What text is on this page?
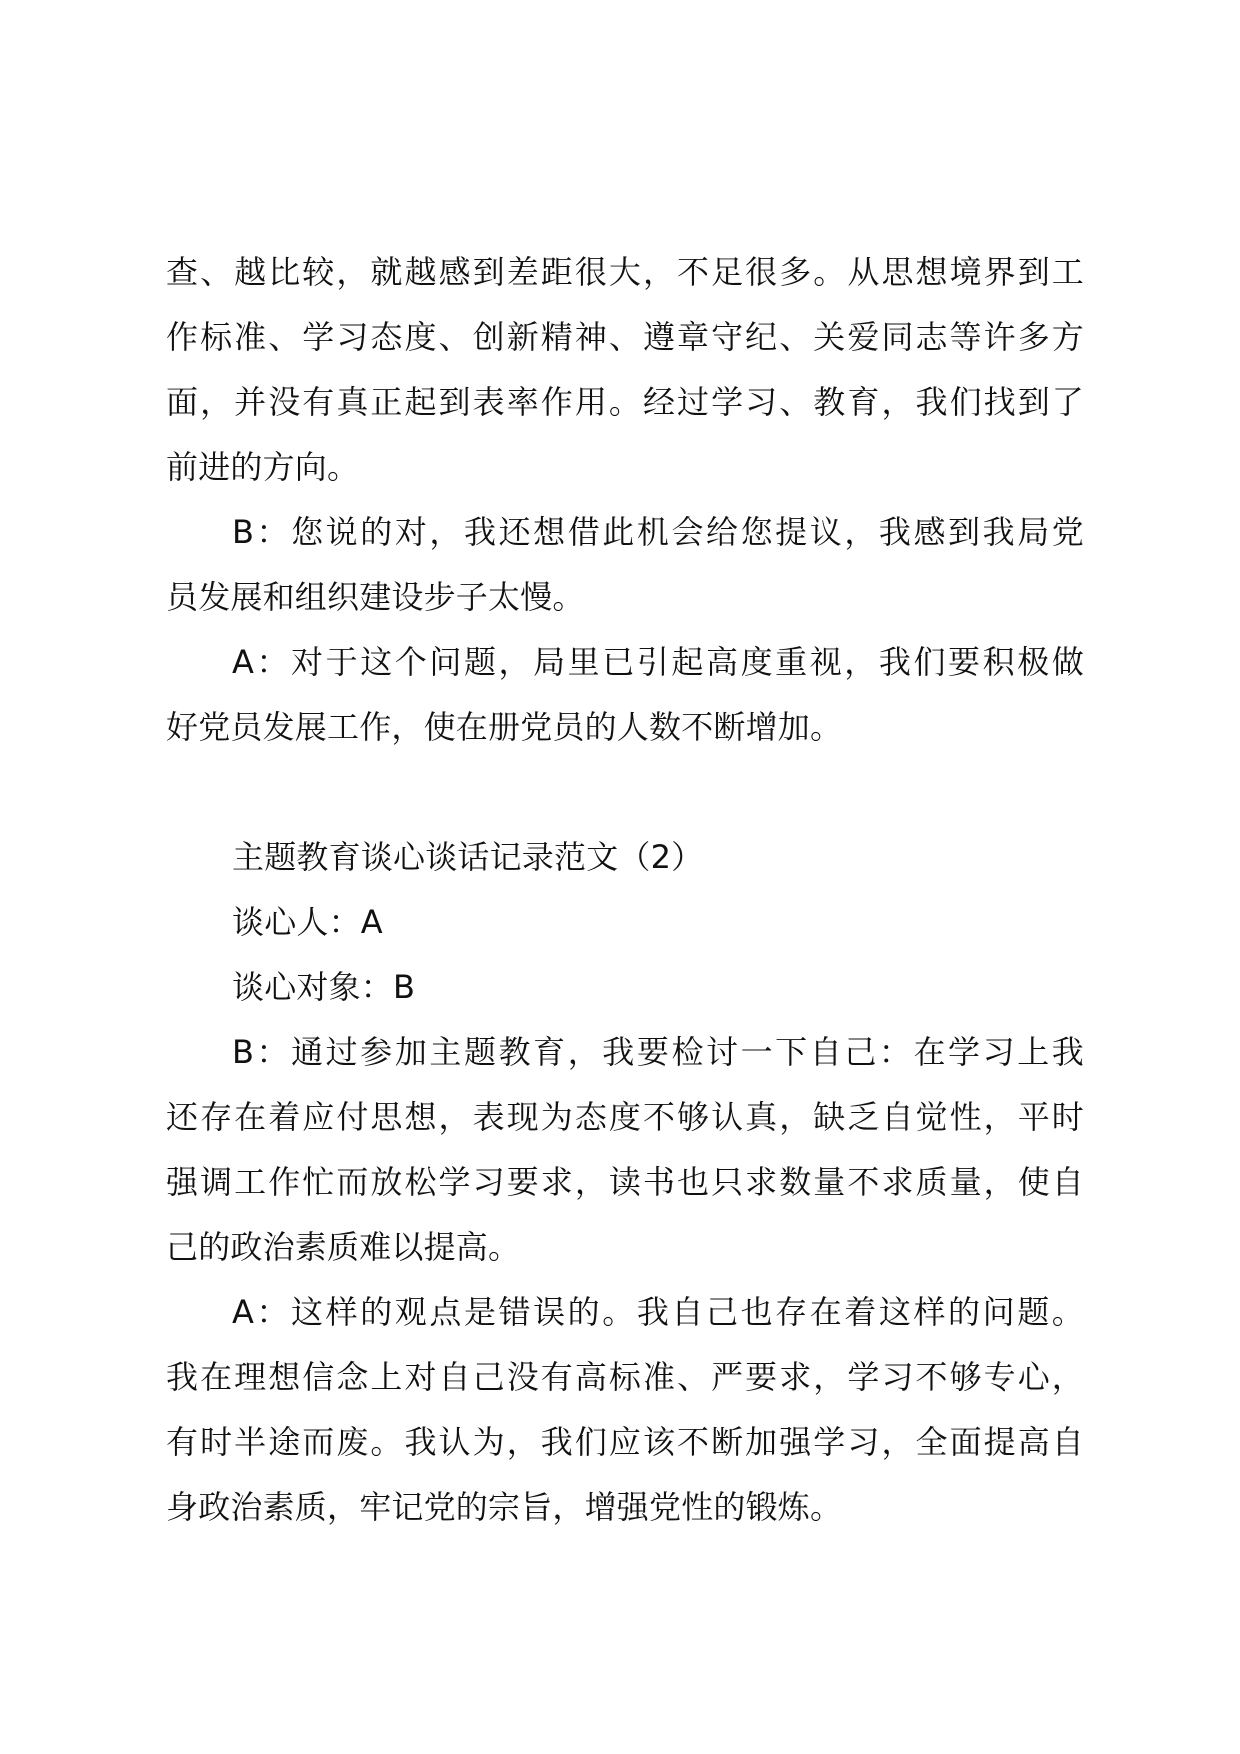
查、越比较，就越感到差距很大，不足很多。从思想境界到工
作标准、学习态度、创新精神、遵章守纪、关爱同志等许多方
面，并没有真正起到表率作用。经过学习、教育，我们找到了
前进的方向。
B：您说的对，我还想借此机会给您提议，我感到我局党
员发展和组织建设步子太慢。
A：对于这个问题，局里已引起高度重视，我们要积极做
好党员发展工作，使在册党员的人数不断增加。
主题教育谈心谈话记录范文（2）
谈心人：A
谈心对象：B
B：通过参加主题教育，我要检讨一下自己：在学习上我
还存在着应付思想，表现为态度不够认真，缺乏自觉性，平时
强调工作忙而放松学习要求，读书也只求数量不求质量，使自
己的政治素质难以提高。
A：这样的观点是错误的。我自己也存在着这样的问题。
我在理想信念上对自己没有高标准、严要求，学习不够专心，
有时半途而废。我认为，我们应该不断加强学习，全面提高自
身政治素质，牢记党的宗旨，增强党性的锻炼。
